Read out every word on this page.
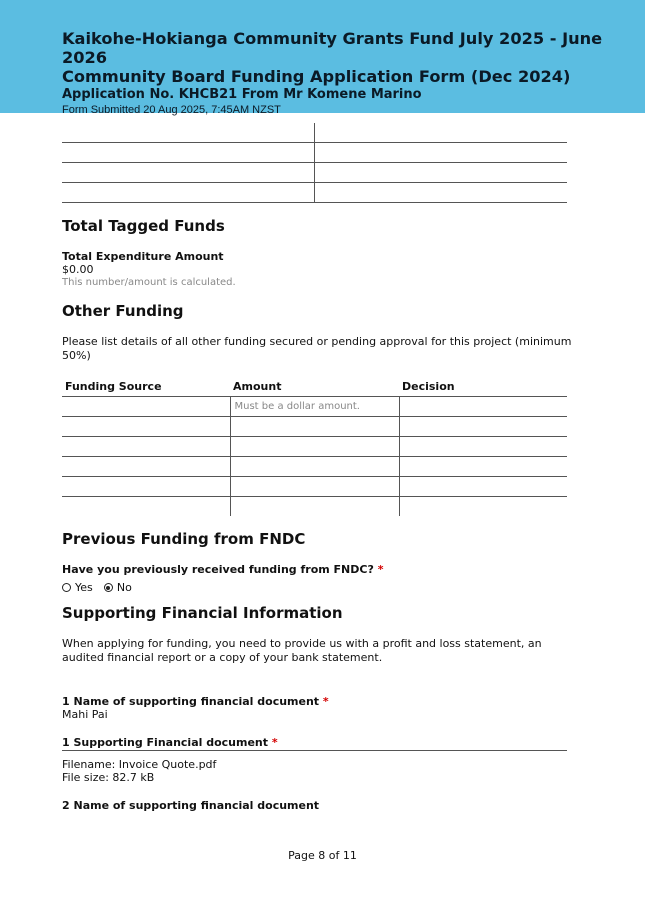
Kaikohe-Hokianga Community Grants Fund July 2025 - June 2026
Community Board Funding Application Form (Dec 2024)
Application No. KHCB21 From Mr Komene Marino
Form Submitted 20 Aug 2025, 7:45AM NZST

Total Tagged Funds
Total Expenditure Amount
$0.00
This number/amount is calculated.
Other Funding
Please list details of all other funding secured or pending approval for this project (minimum 50%)
Funding Source	Amount	Decision
	Must be a dollar amount.	

Previous Funding from FNDC
Have you previously received funding from FNDC? *
Yes
No
Supporting Financial Information
When applying for funding, you need to provide us with a profit and loss statement, an audited financial report or a copy of your bank statement.
1 Name of supporting financial document *
Mahi Pai
1 Supporting Financial document *
Filename: Invoice Quote.pdf
File size: 82.7 kB
2 Name of supporting financial document
Page 8 of 11
